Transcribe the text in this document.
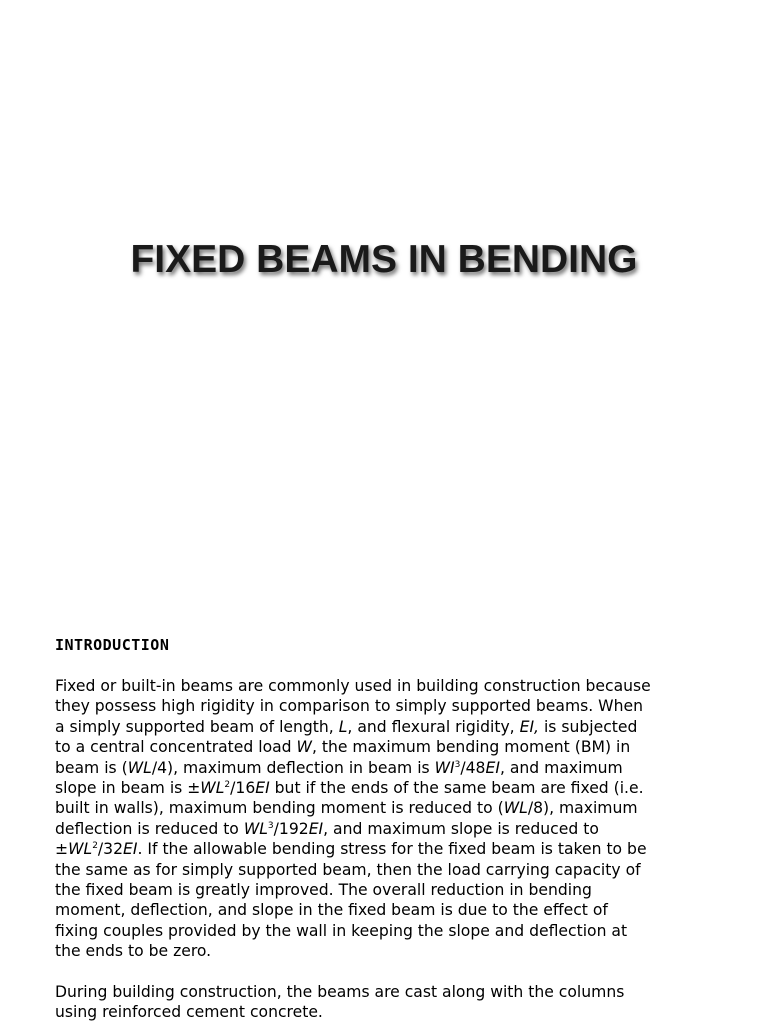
FIXED BEAMS IN BENDING
INTRODUCTION
Fixed or built-in beams are commonly used in building construction because
they possess high rigidity in comparison to simply supported beams. When
a simply supported beam of length, L, and flexural rigidity, EI, is subjected
to a central concentrated load W, the maximum bending moment (BM) in
beam is (WL/4), maximum deflection in beam is $WI^3/48EI$, and maximum
slope in beam is $\pm WL^2/16EI$ but if the ends of the same beam are fixed (i.e.
built in walls), maximum bending moment is reduced to (WL/8), maximum
deflection is reduced to $WL^3/192EI$, and maximum slope is reduced to
$\pm WL^2/32EI$. If the allowable bending stress for the fixed beam is taken to be
the same as for simply supported beam, then the load carrying capacity of
the fixed beam is greatly improved. The overall reduction in bending
moment, deflection, and slope in the fixed beam is due to the effect of
fixing couples provided by the wall in keeping the slope and deflection at
the ends to be zero.
During building construction, the beams are cast along with the columns
using reinforced cement concrete.
